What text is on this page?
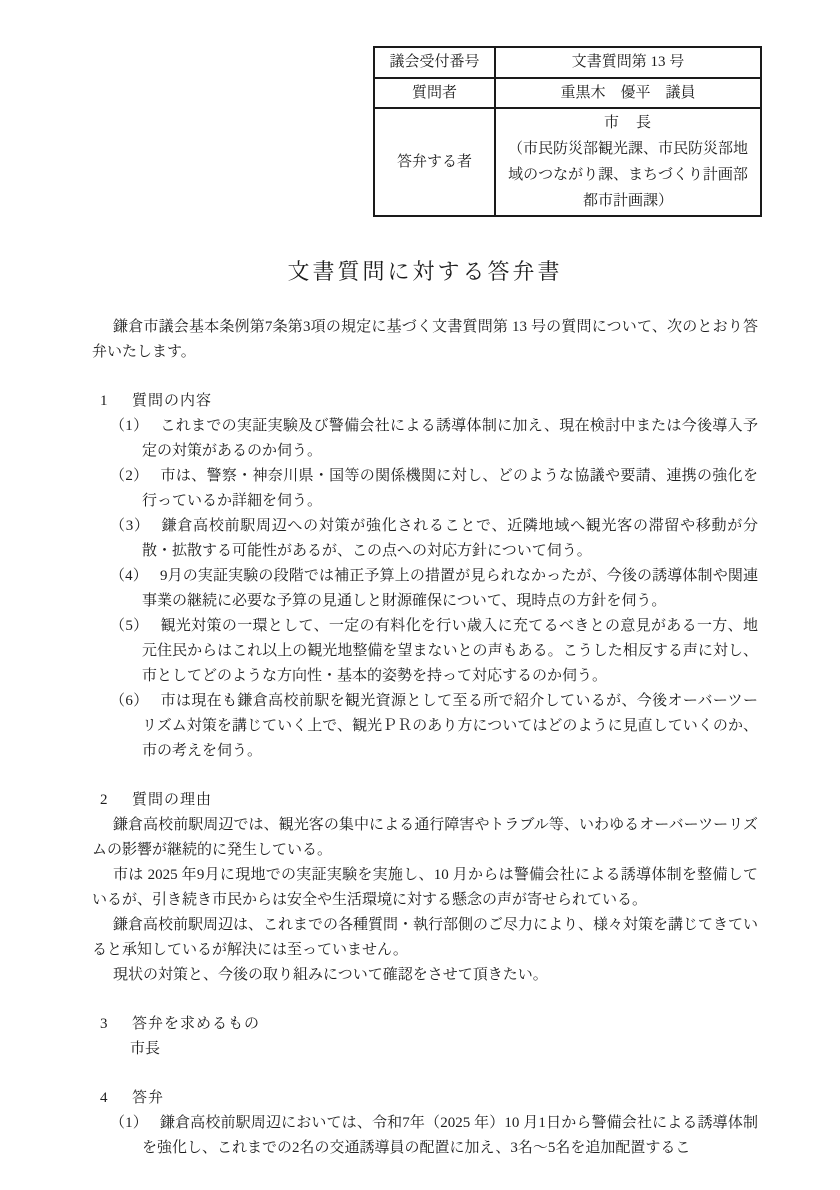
議会受付番号	文書質問第 13 号
質問者	重黒木　優平　議員
答弁する者	市　長
（市民防災部観光課、市民防災部地域のつながり課、まちづくり計画部都市計画課）
文書質問に対する答弁書

鎌倉市議会基本条例第7条第3項の規定に基づく文書質問第 13 号の質問について、次のとおり答弁いたします。

1 質問の内容

（1） これまでの実証実験及び警備会社による誘導体制に加え、現在検討中または今後導入予定の対策があるのか伺う。

（2） 市は、警察・神奈川県・国等の関係機関に対し、どのような協議や要請、連携の強化を行っているか詳細を伺う。

（3） 鎌倉高校前駅周辺への対策が強化されることで、近隣地域へ観光客の滞留や移動が分散・拡散する可能性があるが、この点への対応方針について伺う。

（4） 9月の実証実験の段階では補正予算上の措置が見られなかったが、今後の誘導体制や関連事業の継続に必要な予算の見通しと財源確保について、現時点の方針を伺う。

（5） 観光対策の一環として、一定の有料化を行い歳入に充てるべきとの意見がある一方、地元住民からはこれ以上の観光地整備を望まないとの声もある。こうした相反する声に対し、市としてどのような方向性・基本的姿勢を持って対応するのか伺う。

（6） 市は現在も鎌倉高校前駅を観光資源として至る所で紹介しているが、今後オーバーツーリズム対策を講じていく上で、観光ＰＲのあり方についてはどのように見直していくのか、市の考えを伺う。

2 質問の理由

鎌倉高校前駅周辺では、観光客の集中による通行障害やトラブル等、いわゆるオーバーツーリズムの影響が継続的に発生している。

市は 2025 年9月に現地での実証実験を実施し、10 月からは警備会社による誘導体制を整備しているが、引き続き市民からは安全や生活環境に対する懸念の声が寄せられている。

鎌倉高校前駅周辺は、これまでの各種質問・執行部側のご尽力により、様々対策を講じてきていると承知しているが解決には至っていません。

現状の対策と、今後の取り組みについて確認をさせて頂きたい。

3 答弁を求めるもの

市長

4 答弁

（1） 鎌倉高校前駅周辺においては、令和7年（2025 年）10 月1日から警備会社による誘導体制を強化し、これまでの2名の交通誘導員の配置に加え、3名～5名を追加配置するこ
